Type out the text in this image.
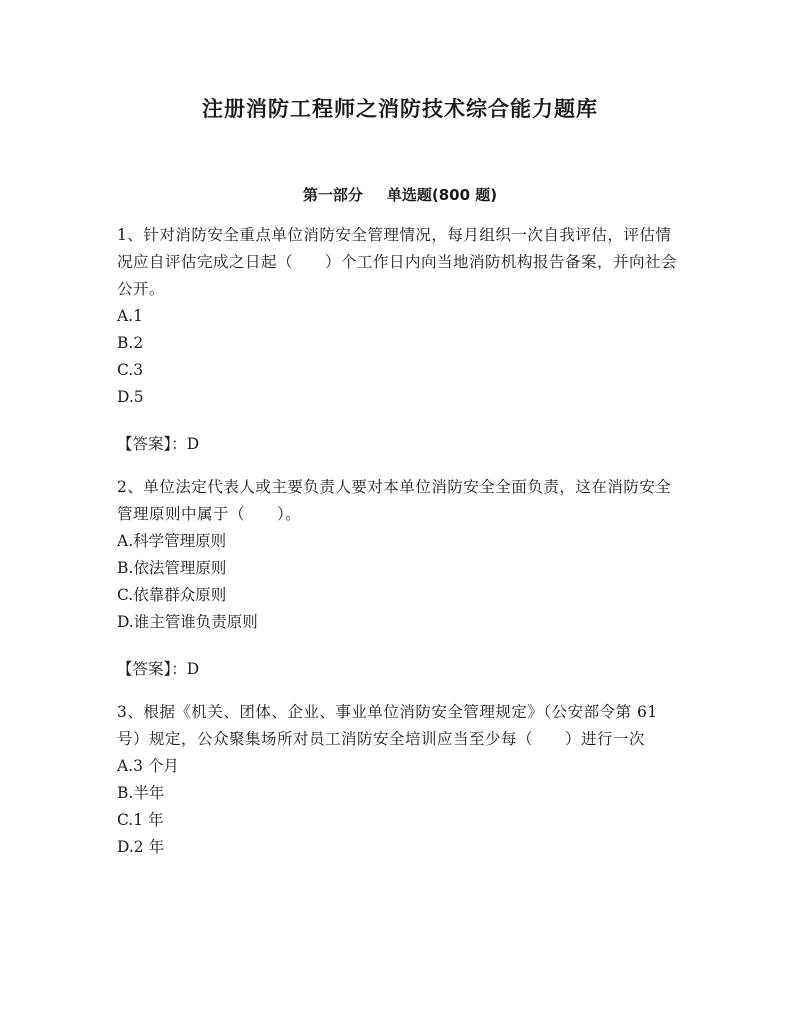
注册消防工程师之消防技术综合能力题库
第一部分 单选题(800 题)

1、针对消防安全重点单位消防安全管理情况，每月组织一次自我评估，评估情况应自评估完成之日起（　　）个工作日内向当地消防机构报告备案，并向社会公开。

A.1

B.2

C.3

D.5

【答案】：D

2、单位法定代表人或主要负责人要对本单位消防安全全面负责，这在消防安全管理原则中属于（　　）。

A.科学管理原则

B.依法管理原则

C.依靠群众原则

D.谁主管谁负责原则

【答案】：D

3、根据《机关、团体、企业、事业单位消防安全管理规定》（公安部令第 61 号）规定，公众聚集场所对员工消防安全培训应当至少每（　　）进行一次

A.3 个月

B.半年

C.1 年

D.2 年
